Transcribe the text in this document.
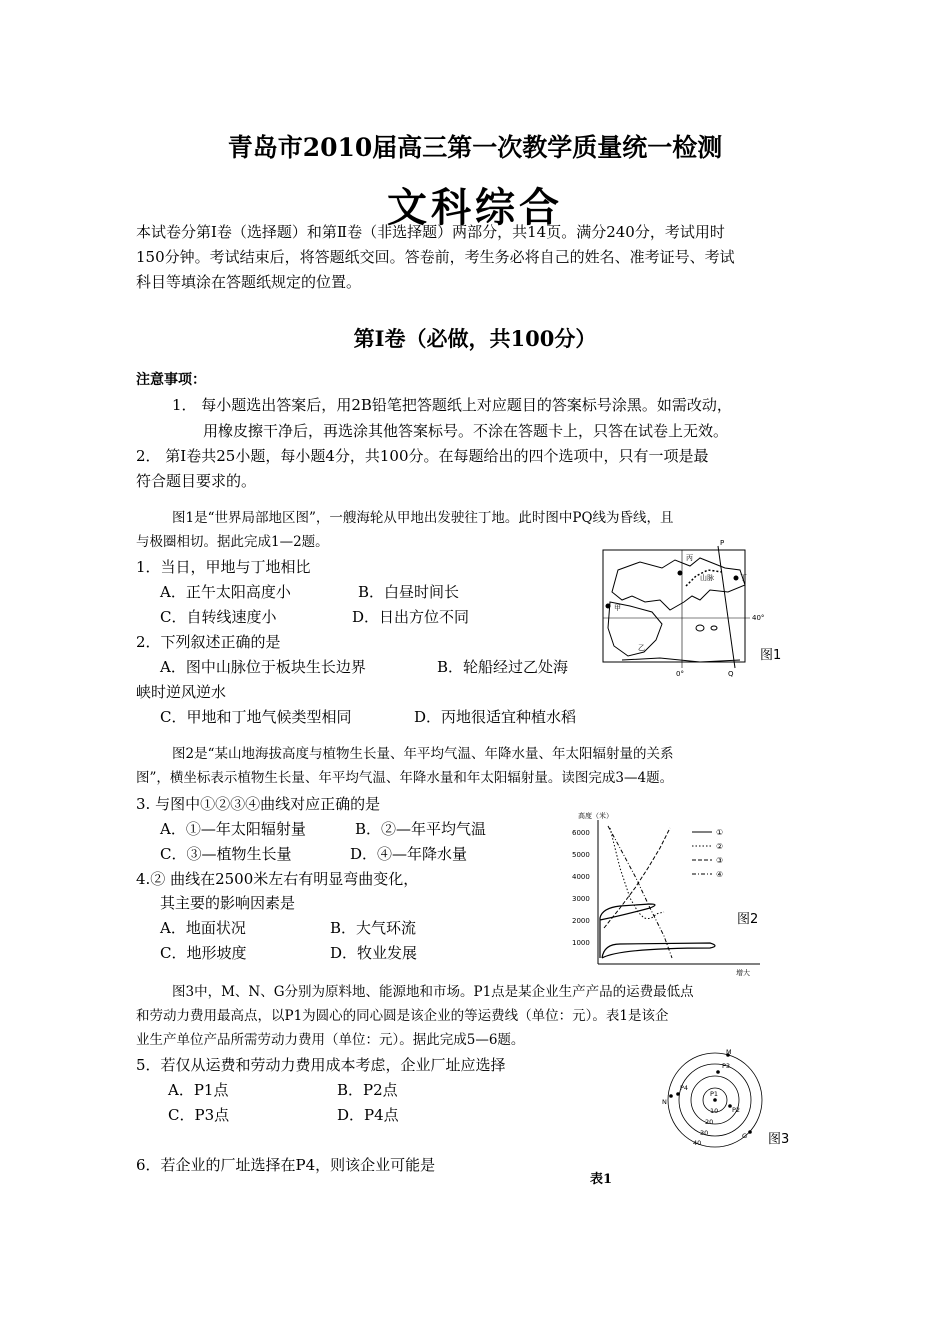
青岛市2010届高三第一次教学质量统一检测
文科综合
本试卷分第Ⅰ卷（选择题）和第Ⅱ卷（非选择题）两部分，共14页。满分240分，考试用时
150分钟。考试结束后，将答题纸交回。答卷前，考生务必将自己的姓名、准考证号、考试
科目等填涂在答题纸规定的位置。
第Ⅰ卷（必做，共100分）
注意事项：
1． 每小题选出答案后，用2B铅笔把答题纸上对应题目的答案标号涂黑。如需改动，
用橡皮擦干净后，再选涂其他答案标号。不涂在答题卡上，只答在试卷上无效。
2． 第Ⅰ卷共25小题，每小题4分，共100分。在每题给出的四个选项中，只有一项是最
符合题目要求的。
图1是“世界局部地区图”，一艘海轮从甲地出发驶往丁地。此时图中PQ线为昏线，且
与极圈相切。据此完成1—2题。
1．当日，甲地与丁地相比
A．正午太阳高度小	B．白昼时间长
C．自转线速度小	D．日出方位不同
2．下列叙述正确的是
A．图中山脉位于板块生长边界	B．轮船经过乙处海
峡时逆风逆水
C．甲地和丁地气候类型相同	D．丙地很适宜种植水稻
P
Q
丙
丁
甲
乙
山脉
40°
0°
图1
图2是“某山地海拔高度与植物生长量、年平均气温、年降水量、年太阳辐射量的关系
图”，横坐标表示植物生长量、年平均气温、年降水量和年太阳辐射量。读图完成3—4题。
3. 与图中①②③④曲线对应正确的是
A．①—年太阳辐射量	B．②—年平均气温
C．③—植物生长量	D．④—年降水量
4.② 曲线在2500米左右有明显弯曲变化，
其主要的影响因素是
A．地面状况	B．大气环流
C．地形坡度	D．牧业发展
高度（米）
6000
5000
4000
3000
2000
1000
增大
①
②
③
④
图2
图3中，M、N、G分别为原料地、能源地和市场。P1点是某企业生产产品的运费最低点
和劳动力费用最高点，以P1为圆心的同心圆是该企业的等运费线（单位：元）。表1是该企
业生产单位产品所需劳动力费用（单位：元）。据此完成5—6题。
5．若仅从运费和劳动力费用成本考虑，企业厂址应选择
A．P1点	B．P2点
C．P3点	D．P4点
6．若企业的厂址选择在P4，则该企业可能是
P1
P2
P3
P4
M
N
G
10
20
30
40	图3
表1
